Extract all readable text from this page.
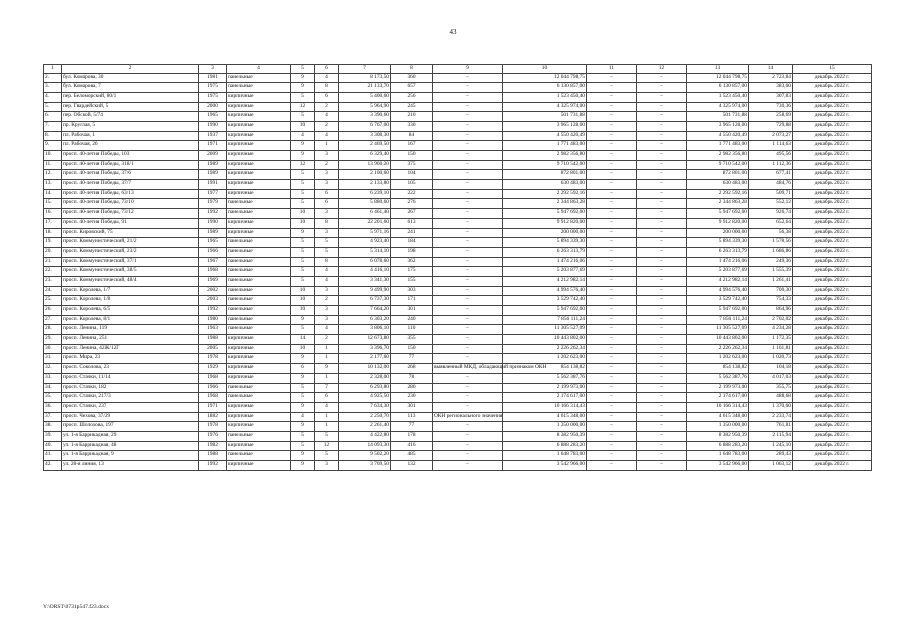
43
1	2	3	4	5	6	7	8	9	10	11	12	13	14	15
2.	бул. Комарова, 30	1981	панельные	9	4	8 173,50	360	–	12 044 798,75	–	–	12 044 798,75	2 723,84	декабрь 2022 г.
3.	бул. Комарова, 7	1975	панельные	9	8	21 133,70	657	–	6 130 857,00	–	–	6 130 857,00	383,60	декабрь 2022 г.
4.	пер. Беломорский, 80/1	1975	кирпичные	5	6	5 400,60	256	–	1 523 450,40	–	–	1 523 450,40	307,83	декабрь 2022 г.
5.	пер. Гвардейский, 5	2000	кирпичные	12	2	5 964,90	245	–	4 325 974,00	–	–	4 325 974,00	730,36	декабрь 2022 г.
6.	пер. Обской, 5/74	1965	кирпичные	5	4	3 390,60	210	–	501 731,88	–	–	501 731,88	258,69	декабрь 2022 г.
7.	пр. Круглая, 5	1990	кирпичные	10	2	6 767,00	330	–	3 965 128,00	–	–	3 965 128,00	729,88	декабрь 2022 г.
8.	пл. Рабочая, 1	1937	кирпичные	4	4	3 308,30	84	–	4 550 420,49	–	–	4 550 420,49	2 073,27	декабрь 2022 г.
9.	пл. Рабочая, 26	1971	кирпичные	9	1	2 469,50	167	–	1 771 483,00	–	–	1 771 483,00	1 114,63	декабрь 2022 г.
10.	просп. 40-летия Победы, 103	2009	кирпичные	9	3	6 329,40	150	–	2 982 356,80	–	–	2 982 356,80	495,56	декабрь 2022 г.
11.	просп. 40-летия Победы, 318/1	1989	кирпичные	12	2	13 900,20	375	–	9 710 542,00	–	–	9 710 542,00	1 112,36	декабрь 2022 г.
12.	просп. 40-летия Победы, 37/6	1989	кирпичные	5	3	2 100,60	104	–	872 801,00	–	–	872 801,00	677,41	декабрь 2022 г.
13.	просп. 40-летия Победы, 37/7	1991	кирпичные	5	3	2 133,80	105	–	630 483,00	–	–	630 483,00	484,76	декабрь 2022 г.
14.	просп. 40-летия Победы, 63/13	1977	кирпичные	5	6	6 239,10	222	–	2 292 592,16	–	–	2 292 592,16	509,71	декабрь 2022 г.
15.	просп. 40-летия Победы, 73/10	1979	панельные	5	6	5 880,60	276	–	2 344 863,28	–	–	2 344 863,28	552,12	декабрь 2022 г.
16.	просп. 40-летия Победы, 73/12	1992	панельные	10	3	6 461,40	267	–	5 947 692,00	–	–	5 947 692,00	926,74	декабрь 2022 г.
17.	просп. 40-летия Победы, 91	1990	кирпичные	10	8	22 201,60	613	–	9 912 820,00	–	–	9 912 820,00	652,64	декабрь 2022 г.
18.	просп. Кировский, 75	1989	кирпичные	9	3	5 971,16	241	–	200 000,00	–	–	200 000,00	56,38	декабрь 2022 г.
19.	просп. Коммунистический, 21/2	1965	панельные	5	5	4 923,40	184	–	5 894 339,30	–	–	5 894 339,30	1 578,56	декабрь 2022 г.
20.	просп. Коммунистический, 23/2	1966	панельные	5	5	5 314,10	198	–	6 263 313,79	–	–	6 263 313,79	1 686,86	декабрь 2022 г.
21.	просп. Коммунистический, 37/1	1967	панельные	5	8	6 078,60	362	–	1 474 216,06	–	–	1 474 216,06	249,36	декабрь 2022 г.
22.	просп. Коммунистический, 38/5	1968	панельные	5	4	4 416,10	175	–	5 203 877,69	–	–	5 203 877,69	1 555,39	декабрь 2022 г.
23.	просп. Коммунистический, 48/4	1969	панельные	5	4	3 341,30	155	–	4 212 982,14	–	–	4 212 982,14	1 261,41	декабрь 2022 г.
24.	просп. Королева, 1/7	2002	панельные	10	3	9 499,90	303	–	4 994 576,40	–	–	4 994 576,40	700,30	декабрь 2022 г.
25.	просп. Королева, 1/8	2003	панельные	10	2	6 737,30	171	–	3 529 742,40	–	–	3 529 742,40	754,33	декабрь 2022 г.
26.	просп. Королева, 6/5	1992	панельные	10	3	7 664,20	301	–	5 947 692,00	–	–	5 947 692,00	864,96	декабрь 2022 г.
27.	просп. Королева, 8/1	1980	панельные	9	3	6 303,20	240	–	7 856 111,24	–	–	7 856 111,24	2 702,02	декабрь 2022 г.
28.	просп. Ленина, 119	1963	панельные	5	4	3 806,10	110	–	11 305 527,09	–	–	11 305 527,09	4 234,28	декабрь 2022 г.
29.	просп. Ленина, 251	1988	кирпичные	14	2	12 673,80	355	–	10 443 802,00	–	–	10 443 802,00	1 172,35	декабрь 2022 г.
30.	просп. Ленина, 42Ж/12Г	2005	кирпичные	10	1	3 396,70	150	–	2 226 262,34	–	–	2 226 262,34	1 161,81	декабрь 2022 г.
31.	просп. Мира, 23	1978	кирпичные	9	1	2 177,60	77	–	1 202 623,00	–	–	1 202 623,00	1 020,73	декабрь 2022 г.
32.	просп. Соколова, 23	1929	кирпичные	6	9	10 132,00	268	выявленный МКД, обладающий признаком ОКН	854 138,82	–	–	854 138,82	104,18	декабрь 2022 г.
33.	просп. Стачки, 11/14	1968	кирпичные	9	1	2 328,00	78	–	5 562 387,76	–	–	5 562 387,76	4 017,03	декабрь 2022 г.
34.	просп. Стачки, 182	1966	панельные	5	7	6 293,80	280	–	2 199 973,00	–	–	2 199 973,00	355,75	декабрь 2022 г.
35.	просп. Стачки, 217/3	1968	панельные	5	6	4 925,50	230	–	2 174 617,00	–	–	2 174 617,00	488,68	декабрь 2022 г.
36.	просп. Стачки, 237	1971	кирпичные	9	4	7 634,30	301	–	10 166 314,43	–	–	10 166 314,43	1 370,60	декабрь 2022 г.
37.	просп. Чехова, 37/29	1882	кирпичные	4	1	2 250,70	113	ОКН регионального значения	4 615 348,00	–	–	4 615 348,00	2 233,74	декабрь 2022 г.
38.	просп. Шолохова, 197	1978	кирпичные	9	1	2 261,40	77	–	1 350 000,00	–	–	1 350 000,00	761,81	декабрь 2022 г.
39.	ул. 1-я Баррикадная, 29	1976	панельные	5	5	4 422,80	178	–	8 382 950,39	–	–	8 382 950,39	2 115,94	декабрь 2022 г.
40.	ул. 1-я Баррикадная, 48	1982	кирпичные	5	12	14 093,30	416	–	6 888 283,20	–	–	6 888 283,20	1 245,10	декабрь 2022 г.
41.	ул. 1-я Баррикадная, 9	1988	панельные	9	5	9 502,20	485	–	1 648 783,00	–	–	1 648 783,00	289,43	декабрь 2022 г.
42.	ул. 28-я линия, 13	1992	кирпичные	9	3	3 769,50	132	–	3 542 966,00	–	–	3 542 966,00	1 063,12	декабрь 2022 г.
Y:\ORST\0731p547.f23.docx
